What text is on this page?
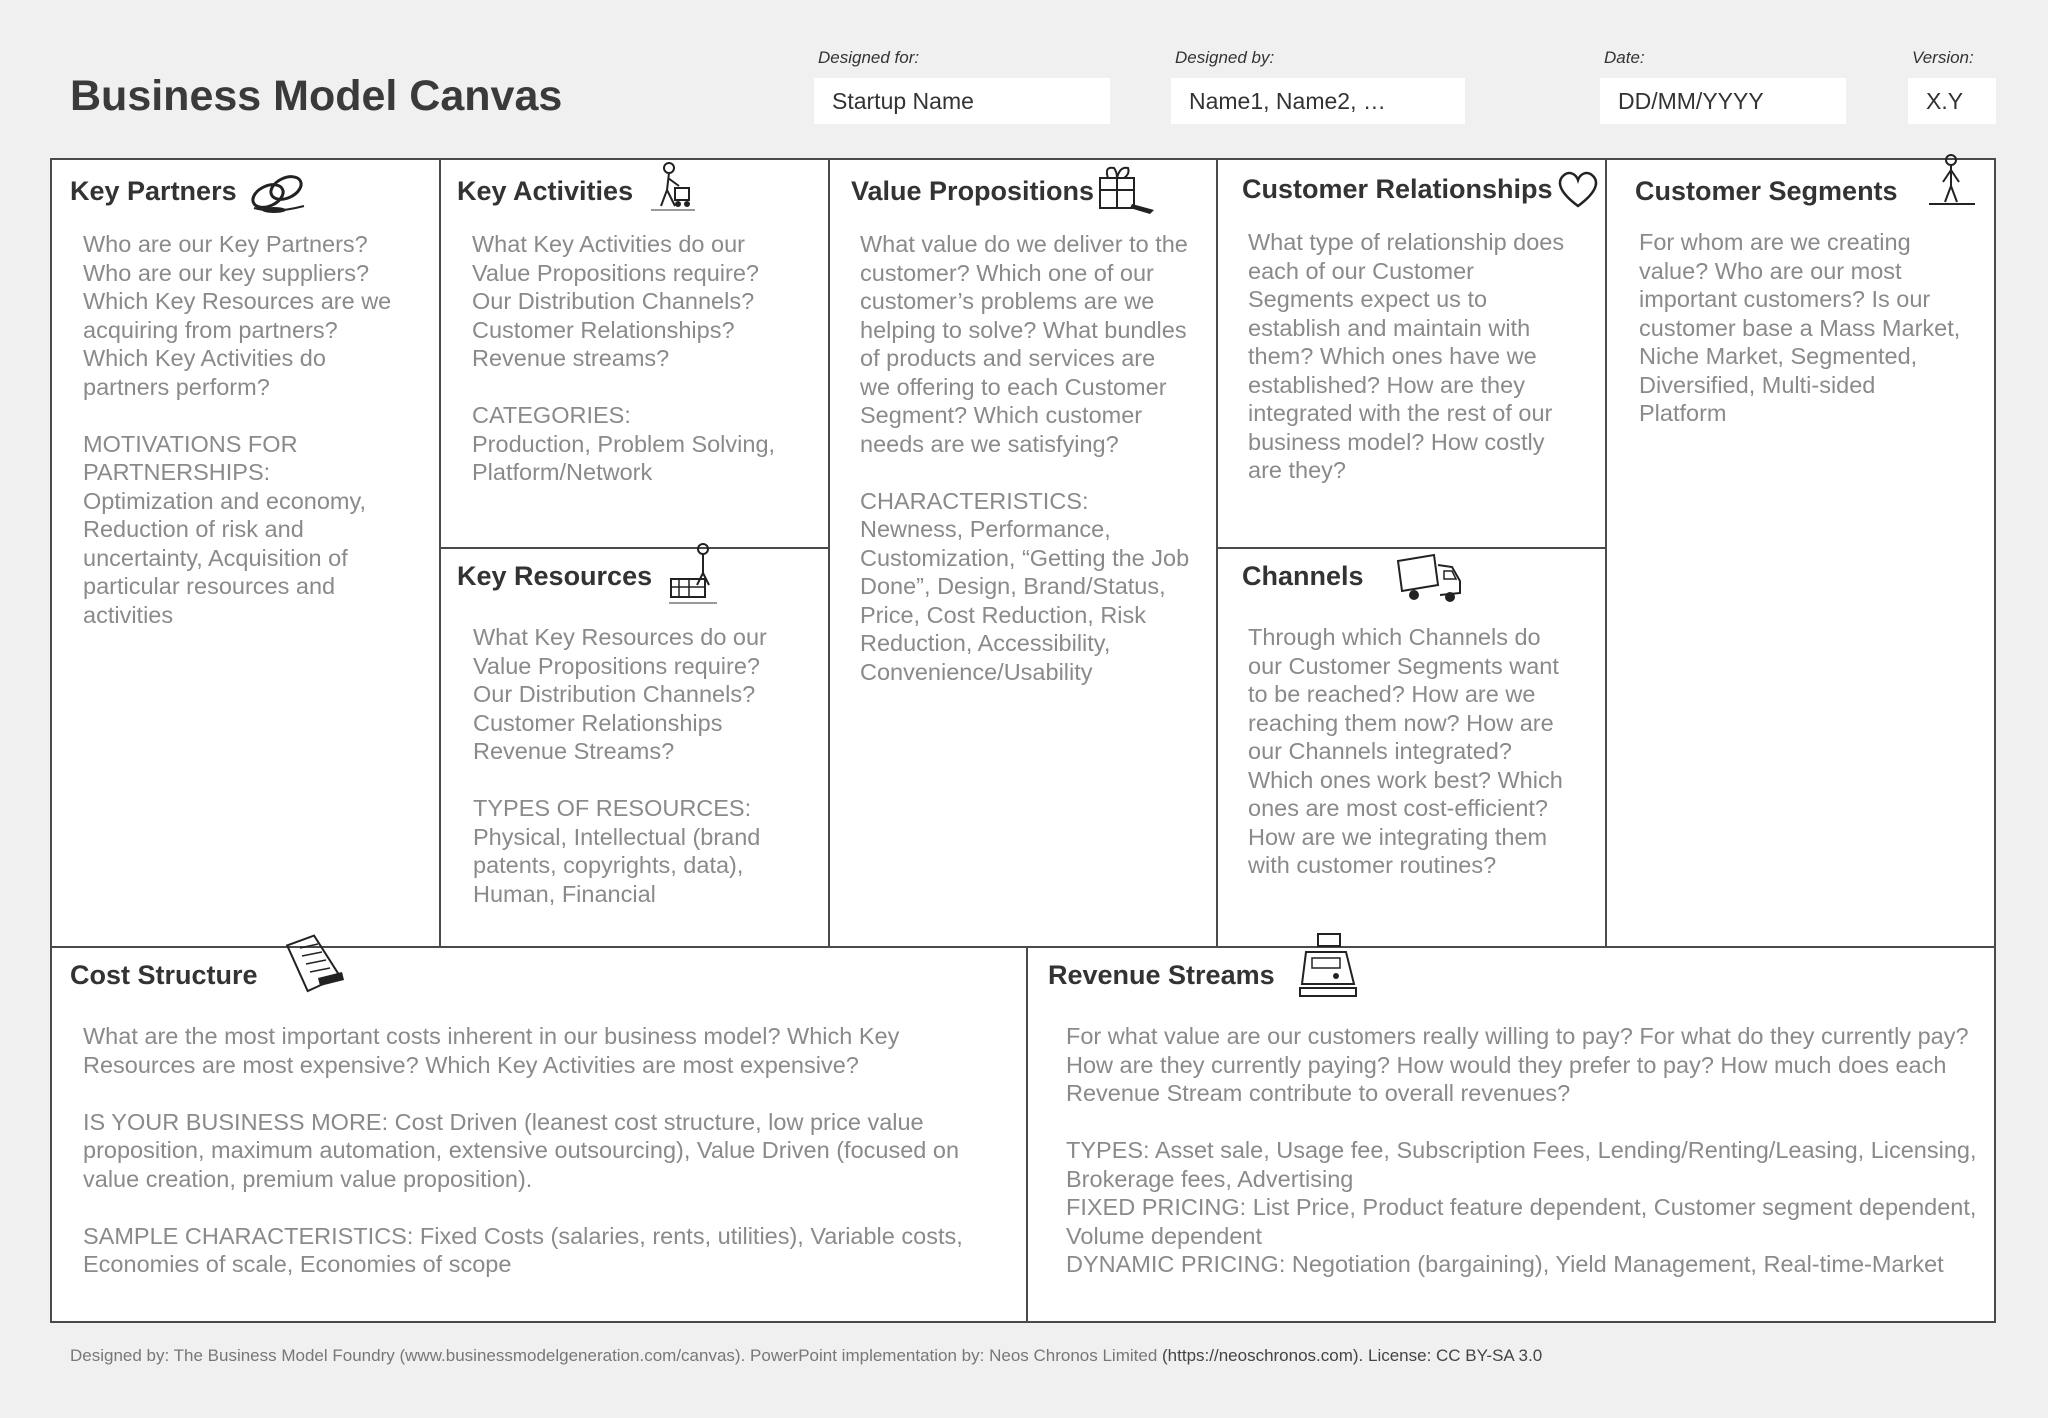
Business Model Canvas
Designed for:
Startup Name
Designed by:
Name1, Name2, …
Date:
DD/MM/YYYY
Version:
X.Y
Key Partners
Who are our Key Partners?
Who are our key suppliers?
Which Key Resources are we acquiring from partners?
Which Key Activities do partners perform?

MOTIVATIONS FOR PARTNERSHIPS:
Optimization and economy, Reduction of risk and uncertainty, Acquisition of particular resources and activities
Key Activities
What Key Activities do our Value Propositions require?
Our Distribution Channels?
Customer Relationships?
Revenue streams?

CATEGORIES:
Production, Problem Solving, Platform/Network
Key Resources
What Key Resources do our Value Propositions require?
Our Distribution Channels?
Customer Relationships
Revenue Streams?

TYPES OF RESOURCES:
Physical, Intellectual (brand patents, copyrights, data), Human, Financial
Value Propositions
What value do we deliver to the customer? Which one of our customer’s problems are we helping to solve? What bundles of products and services are we offering to each Customer Segment? Which customer needs are we satisfying?

CHARACTERISTICS:
Newness, Performance, Customization, “Getting the Job Done”, Design, Brand/Status, Price, Cost Reduction, Risk Reduction, Accessibility, Convenience/Usability
Customer Relationships
What type of relationship does each of our Customer Segments expect us to establish and maintain with them? Which ones have we established? How are they integrated with the rest of our business model? How costly are they?
Channels
Through which Channels do our Customer Segments want to be reached? How are we reaching them now? How are our Channels integrated? Which ones work best? Which ones are most cost-efficient? How are we integrating them with customer routines?
Customer Segments
For whom are we creating value? Who are our most important customers? Is our customer base a Mass Market, Niche Market, Segmented, Diversified, Multi-sided Platform
Cost Structure
What are the most important costs inherent in our business model? Which Key Resources are most expensive? Which Key Activities are most expensive?

IS YOUR BUSINESS MORE: Cost Driven (leanest cost structure, low price value proposition, maximum automation, extensive outsourcing), Value Driven (focused on value creation, premium value proposition).

SAMPLE CHARACTERISTICS: Fixed Costs (salaries, rents, utilities), Variable costs, Economies of scale, Economies of scope
Revenue Streams
For what value are our customers really willing to pay? For what do they currently pay? How are they currently paying? How would they prefer to pay? How much does each Revenue Stream contribute to overall revenues?

TYPES: Asset sale, Usage fee, Subscription Fees, Lending/Renting/Leasing, Licensing, Brokerage fees, Advertising
FIXED PRICING: List Price, Product feature dependent, Customer segment dependent, Volume dependent
DYNAMIC PRICING: Negotiation (bargaining), Yield Management, Real-time-Market
Designed by: The Business Model Foundry (www.businessmodelgeneration.com/canvas). PowerPoint implementation by: Neos Chronos Limited (https://neoschronos.com). License: CC BY-SA 3.0
